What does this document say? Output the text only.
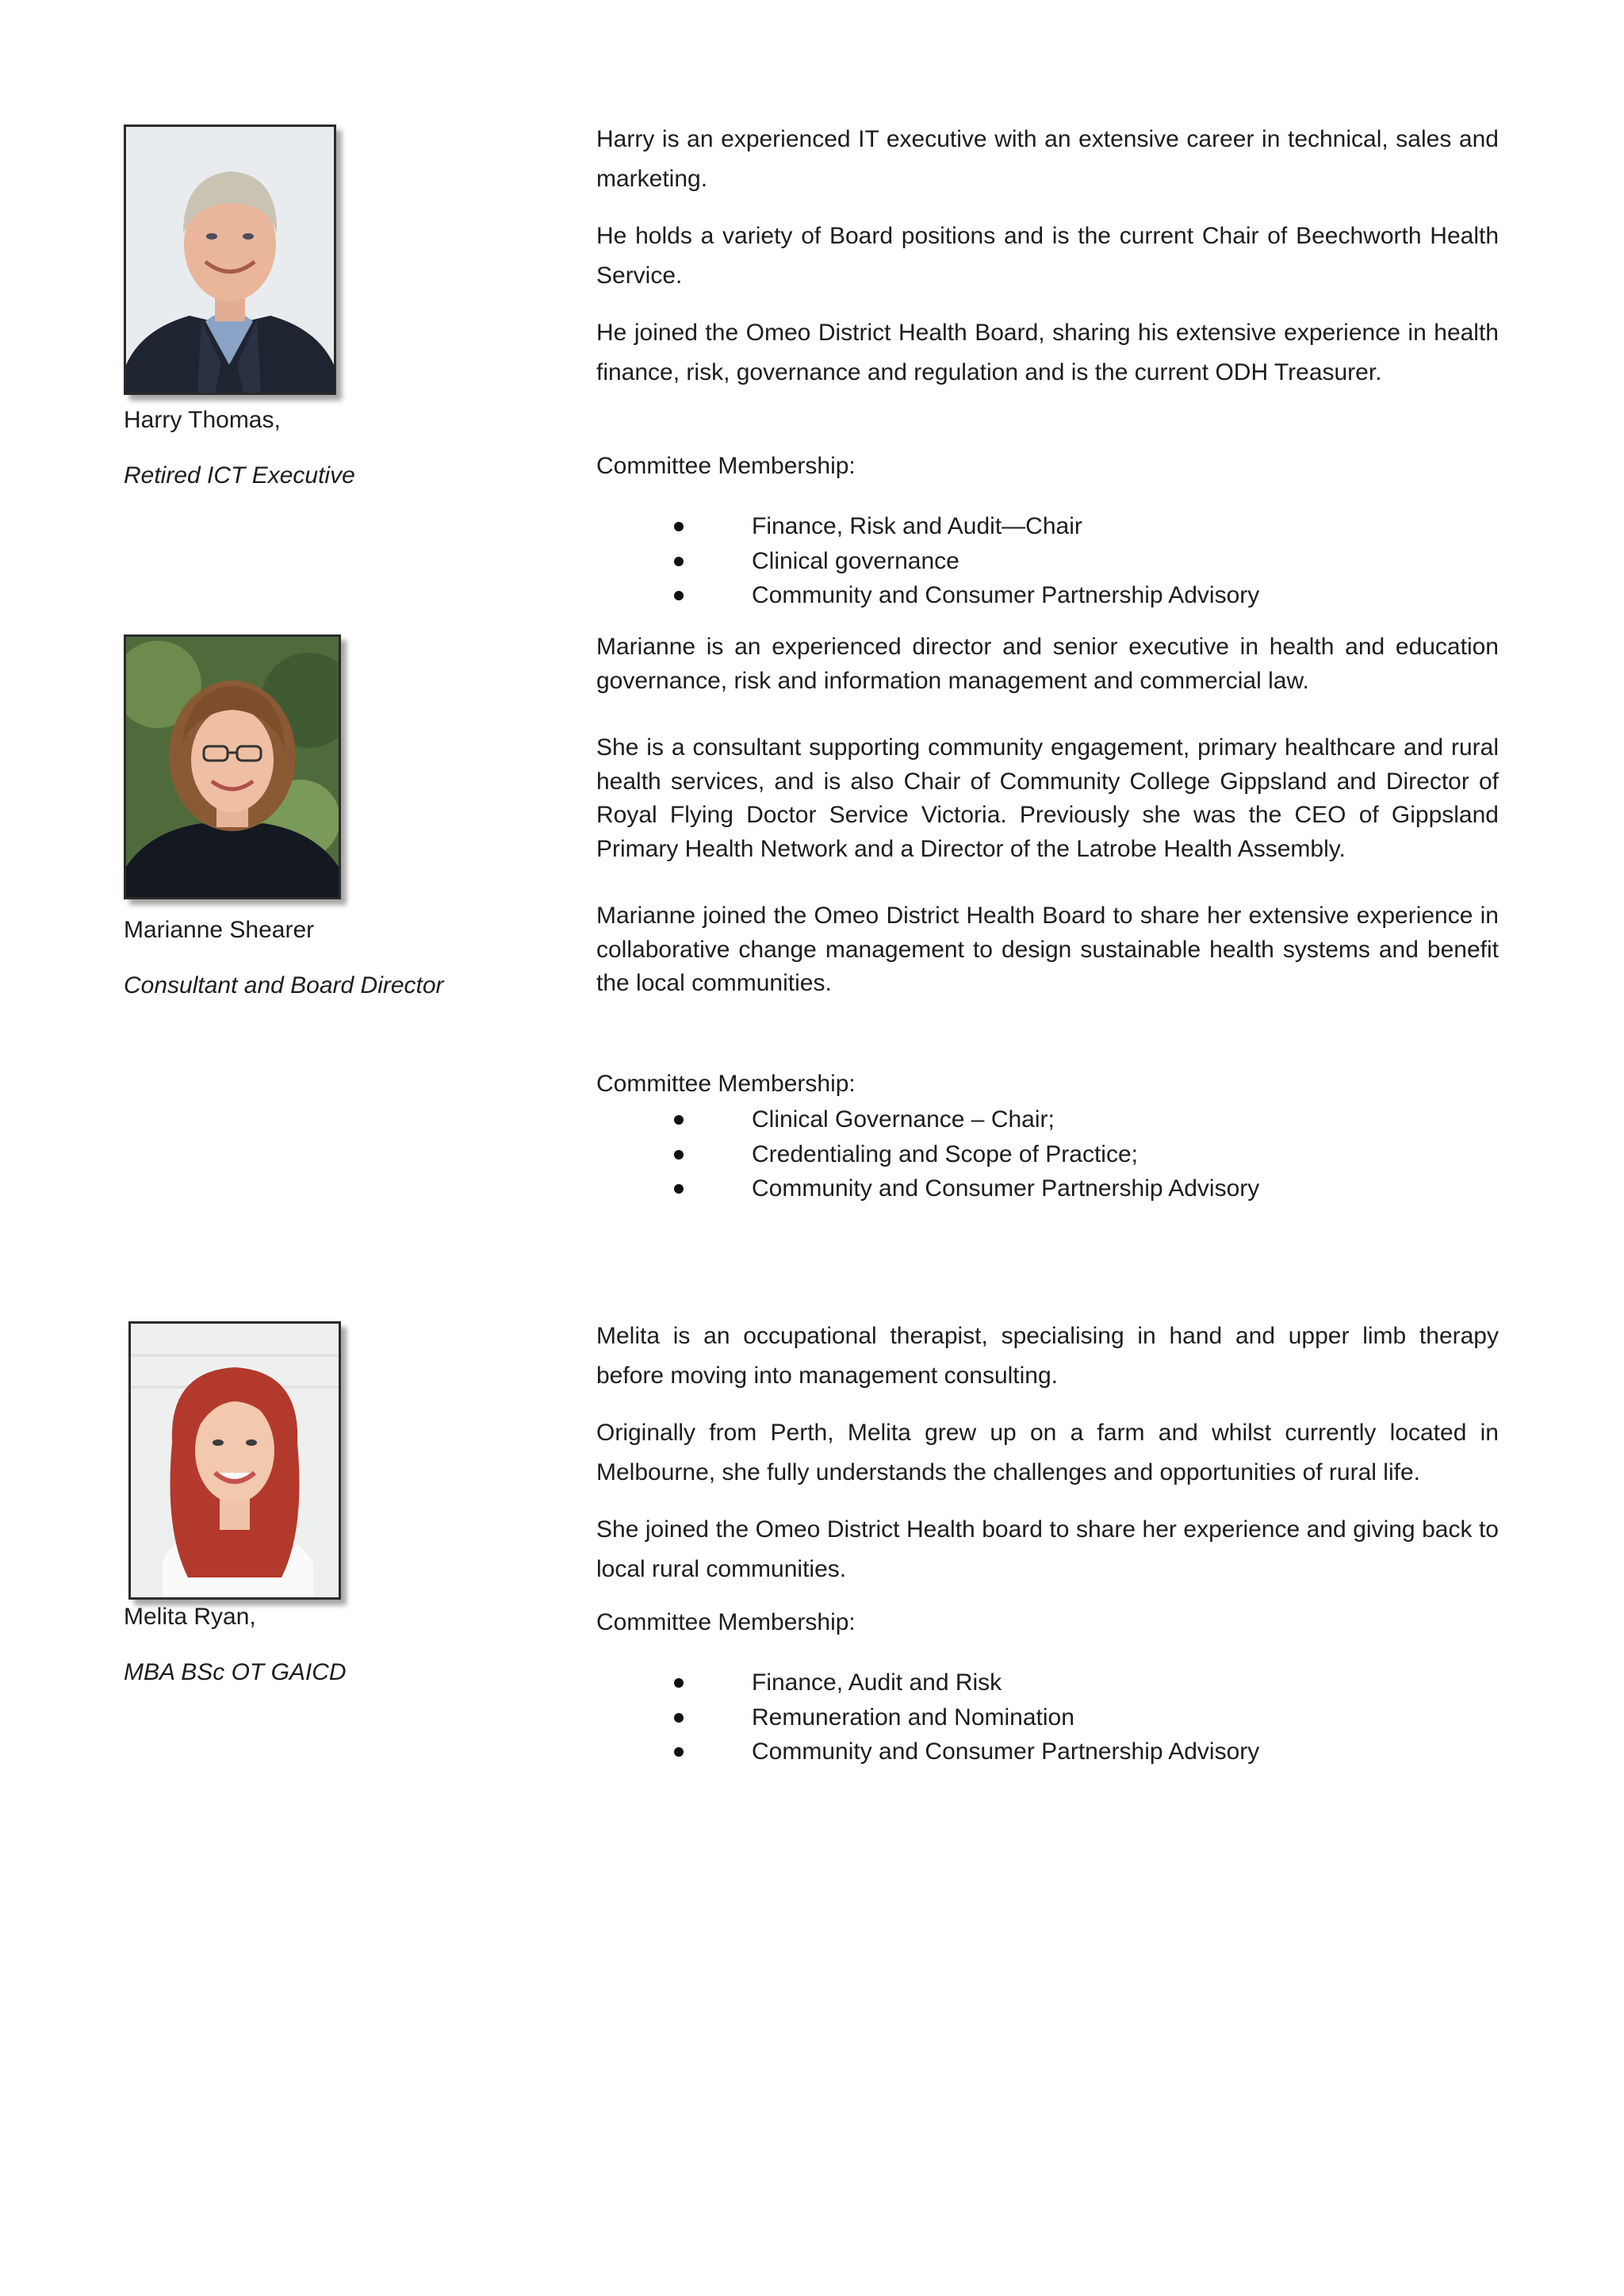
Harry Thomas,
Retired ICT Executive

Harry is an experienced IT executive with an extensive career in technical, sales and marketing.

He holds a variety of Board positions and is the current Chair of Beechworth Health Service.

He joined the Omeo District Health Board, sharing his extensive experience in health finance, risk, governance and regulation and is the current ODH Treasurer.

Committee Membership:
Finance, Risk and Audit—Chair
Clinical governance
Community and Consumer Partnership Advisory
Marianne Shearer
Consultant and Board Director

Marianne is an experienced director and senior executive in health and education governance, risk and information management and commercial law.

She is a consultant supporting community engagement, primary healthcare and rural health services, and is also Chair of Community College Gippsland and Director of Royal Flying Doctor Service Victoria. Previously she was the CEO of Gippsland Primary Health Network and a Director of the Latrobe Health Assembly.

Marianne joined the Omeo District Health Board to share her extensive experience in collaborative change management to design sustainable health systems and benefit the local communities.

Committee Membership:
Clinical Governance – Chair;
Credentialing and Scope of Practice;
Community and Consumer Partnership Advisory
Melita Ryan,
MBA BSc OT GAICD

Melita is an occupational therapist, specialising in hand and upper limb therapy before moving into management consulting.

Originally from Perth, Melita grew up on a farm and whilst currently located in Melbourne, she fully understands the challenges and opportunities of rural life.

She joined the Omeo District Health board to share her experience and giving back to local rural communities.

Committee Membership:
Finance, Audit and Risk
Remuneration and Nomination
Community and Consumer Partnership Advisory
